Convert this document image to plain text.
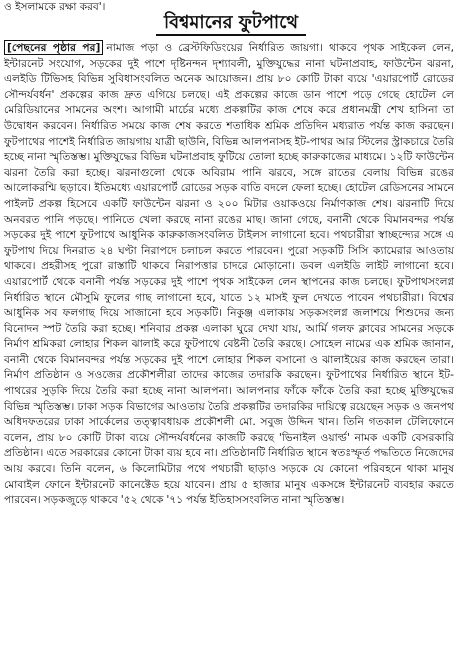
ও ইসলামকে রক্ষা করব'।
বিশ্বমানের ফুটপাথে
[পেছনের পৃষ্ঠার পর] নামাজ পড়া ও ব্রেস্টফিডিংয়ের নির্ধারিত জায়গা। থাকবে পৃথক সাইকেল লেন, ইন্টারনেট সংযোগ, সড়কের দুই পাশে দৃষ্টিনন্দন দৃশ্যাবলী, মুক্তিযুদ্ধের নানা ঘটনাপ্রবাহ, ফাউন্টেন ঝরনা, এলইডি টিভিসহ বিভিন্ন সুবিধাসংবলিত অনেক আয়োজন। প্রায় ৮০ কোটি টাকা ব্যয়ে 'এয়ারপোর্ট রোডের সৌন্দর্যবর্ধন' প্রকল্পের কাজ দ্রুত এগিয়ে চলছে। এই প্রকল্পের কাজে ডান পাশে পড়ে গেছে হোটেল লে মেরিডিয়ানের সামনের অংশ। আগামী মার্চের মধ্যে প্রকল্পটির কাজ শেষে করে প্রধানমন্ত্রী শেখ হাসিনা তা উদ্বোধন করবেন। নির্ধারিত সময়ে কাজ শেষ করতে শতাধিক শ্রমিক প্রতিদিন মধ্যরাত পর্যন্ত কাজ করছেন। ফুটপাথের পাশেই নির্ধারিত জায়গায় যাত্রী ছাউনি, বিভিন্ন আলপনাসহ ইট-পাথর আর স্টিলের স্ট্রাকচারে তৈরি হচ্ছে নানা স্মৃতিস্তম্ভ। মুক্তিযুদ্ধের বিভিন্ন ঘটনাপ্রবাহ ফুটিয়ে তোলা হচ্ছে কারুকাজের মাধ্যমে। ১২টি ফাউন্টেন ঝরনা তৈরি করা হচ্ছে। ঝরনাগুলো থেকে অবিরাম পানি ঝরবে, সঙ্গে রাতের বেলায় বিভিন্ন রঙের আলোকরশ্মি ছড়াবে। ইতিমধ্যে এয়ারপোর্ট রোডের সড়ক বাতি বদলে ফেলা হচ্ছে। হোটেল রেডিসনের সামনে পাইলট প্রকল্প হিসেবে একটি ফাউন্টেন ঝরনা ও ২০০ মিটার ওয়াকওয়ে নির্মাণকাজ শেষ। ঝরনাটি দিয়ে অনবরত পানি পড়ছে। পানিতে খেলা করছে নানা রঙের মাছ। জানা গেছে, বনানী থেকে বিমানবন্দর পর্যন্ত সড়কের দুই পাশে ফুটপাথে আধুনিক কারুকাজসংবলিত টাইলস লাগানো হবে। পথচারীরা স্বাচ্ছন্দ্যের সঙ্গে এ ফুটপাথ দিয়ে দিনরাত ২৪ ঘণ্টা নিরাপদে চলাচল করতে পারবেন। পুরো সড়কটি সিসি ক্যামেরার আওতায় থাকবে। প্রহরীসহ পুরো রাস্তাটি থাকবে নিরাপত্তার চাদরে মোড়ানো। ডবল এলইডি লাইট লাগানো হবে। এয়ারপোর্ট থেকে বনানী পর্যন্ত সড়কের দুই পাশে পৃথক সাইকেল লেন স্থাপনের কাজ চলছে। ফুটপাথসংলগ্ন নির্ধারিত স্থানে মৌসুমি ফুলের গাছ লাগানো হবে, যাতে ১২ মাসই ফুল দেখতে পাবেন পথচারীরা। বিশ্বের আধুনিক সব ফলগাছ দিয়ে সাজানো হবে সড়কটি। নিকুঞ্জ এলাকায় সড়কসংলগ্ন জলাশয়ে শিশুদের জন্য বিনোদন স্পট তৈরি করা হচ্ছে। শনিবার প্রকল্প এলাকা ঘুরে দেখা যায়, আর্মি গলফ ক্লাবের সামনের সড়কে নির্মাণ শ্রমিকরা লোহার শিকল ঝালাই করে ফুটপাথে বেষ্টনী তৈরি করছে। সোহেল নামের এক শ্রমিক জানান, বনানী থেকে বিমানবন্দর পর্যন্ত সড়কের দুই পাশে লোহার শিকল বসানো ও ঝালাইয়ের কাজ করছেন তারা। নির্মাণ প্রতিষ্ঠান ও সওজের প্রকৌশলীরা তাদের কাজের তদারকি করছেন। ফুটপাথের নির্ধারিত স্থানে ইট-পাথরের সুড়কি দিয়ে তৈরি করা হচ্ছে নানা আলপনা। আলপনার ফাঁকে ফাঁকে তৈরি করা হচ্ছে মুক্তিযুদ্ধের বিভিন্ন স্মৃতিস্তম্ভ। ঢাকা সড়ক বিভাগের আওতায় তৈরি প্রকল্পটির তদারকির দায়িত্বে রয়েছেন সড়ক ও জনপথ অধিদফতরের ঢাকা সার্কেলের তত্ত্বাবধায়ক প্রকৌশলী মো. সবুজ উদ্দিন খান। তিনি গতকাল টেলিফোনে বলেন, প্রায় ৮০ কোটি টাকা ব্যয়ে সৌন্দর্যবর্ধনের কাজটি করছে 'ভিনাইল ওয়ার্ল্ড' নামক একটি বেসরকারি প্রতিষ্ঠান। এতে সরকারের কোনো টাকা ব্যয় হবে না। প্রতিষ্ঠানটি নির্ধারিত স্থানে স্বতঃস্ফূর্ত পদ্ধতিতে নিজেদের আয় করবে। তিনি বলেন, ৬ কিলোমিটার পথে পথচারী ছাড়াও সড়কে যে কোনো পরিবহনে থাকা মানুষ মোবাইল ফোনে ইন্টারনেট কানেক্টেড হয়ে যাবেন। প্রায় ৫ হাজার মানুষ একসঙ্গে ইন্টারনেট ব্যবহার করতে পারবেন। সড়কজুড়ে থাকবে '৫২ থেকে '৭১ পর্যন্ত ইতিহাসসংবলিত নানা স্মৃতিস্তম্ভ।
